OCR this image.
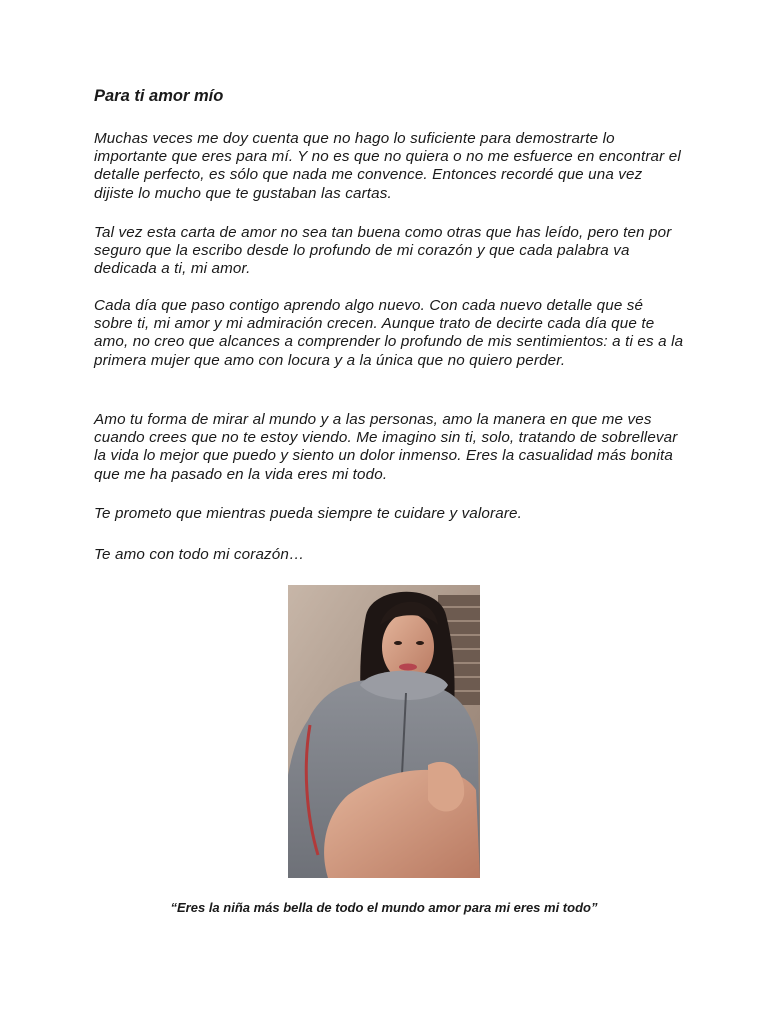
Para ti amor mío

Muchas veces me doy cuenta que no hago lo suficiente para demostrarte lo importante que eres para mí. Y no es que no quiera o no me esfuerce en encontrar el detalle perfecto, es sólo que nada me convence. Entonces recordé que una vez dijiste lo mucho que te gustaban las cartas.

Tal vez esta carta de amor no sea tan buena como otras que has leído, pero ten por seguro que la escribo desde lo profundo de mi corazón y que cada palabra va dedicada a ti, mi amor.

Cada día que paso contigo aprendo algo nuevo. Con cada nuevo detalle que sé sobre ti, mi amor y mi admiración crecen. Aunque trato de decirte cada día que te amo, no creo que alcances a comprender lo profundo de mis sentimientos: a ti es a la primera mujer que amo con locura y a la única que no quiero perder.

Amo tu forma de mirar al mundo y a las personas, amo la manera en que me ves cuando crees que no te estoy viendo. Me imagino sin ti, solo, tratando de sobrellevar la vida lo mejor que puedo y siento un dolor inmenso. Eres la casualidad más bonita que me ha pasado en la vida eres mi todo.

Te prometo que mientras pueda siempre te cuidare y valorare.

Te amo con todo mi corazón…

“Eres la niña más bella de todo el mundo amor para mi eres mi todo”
